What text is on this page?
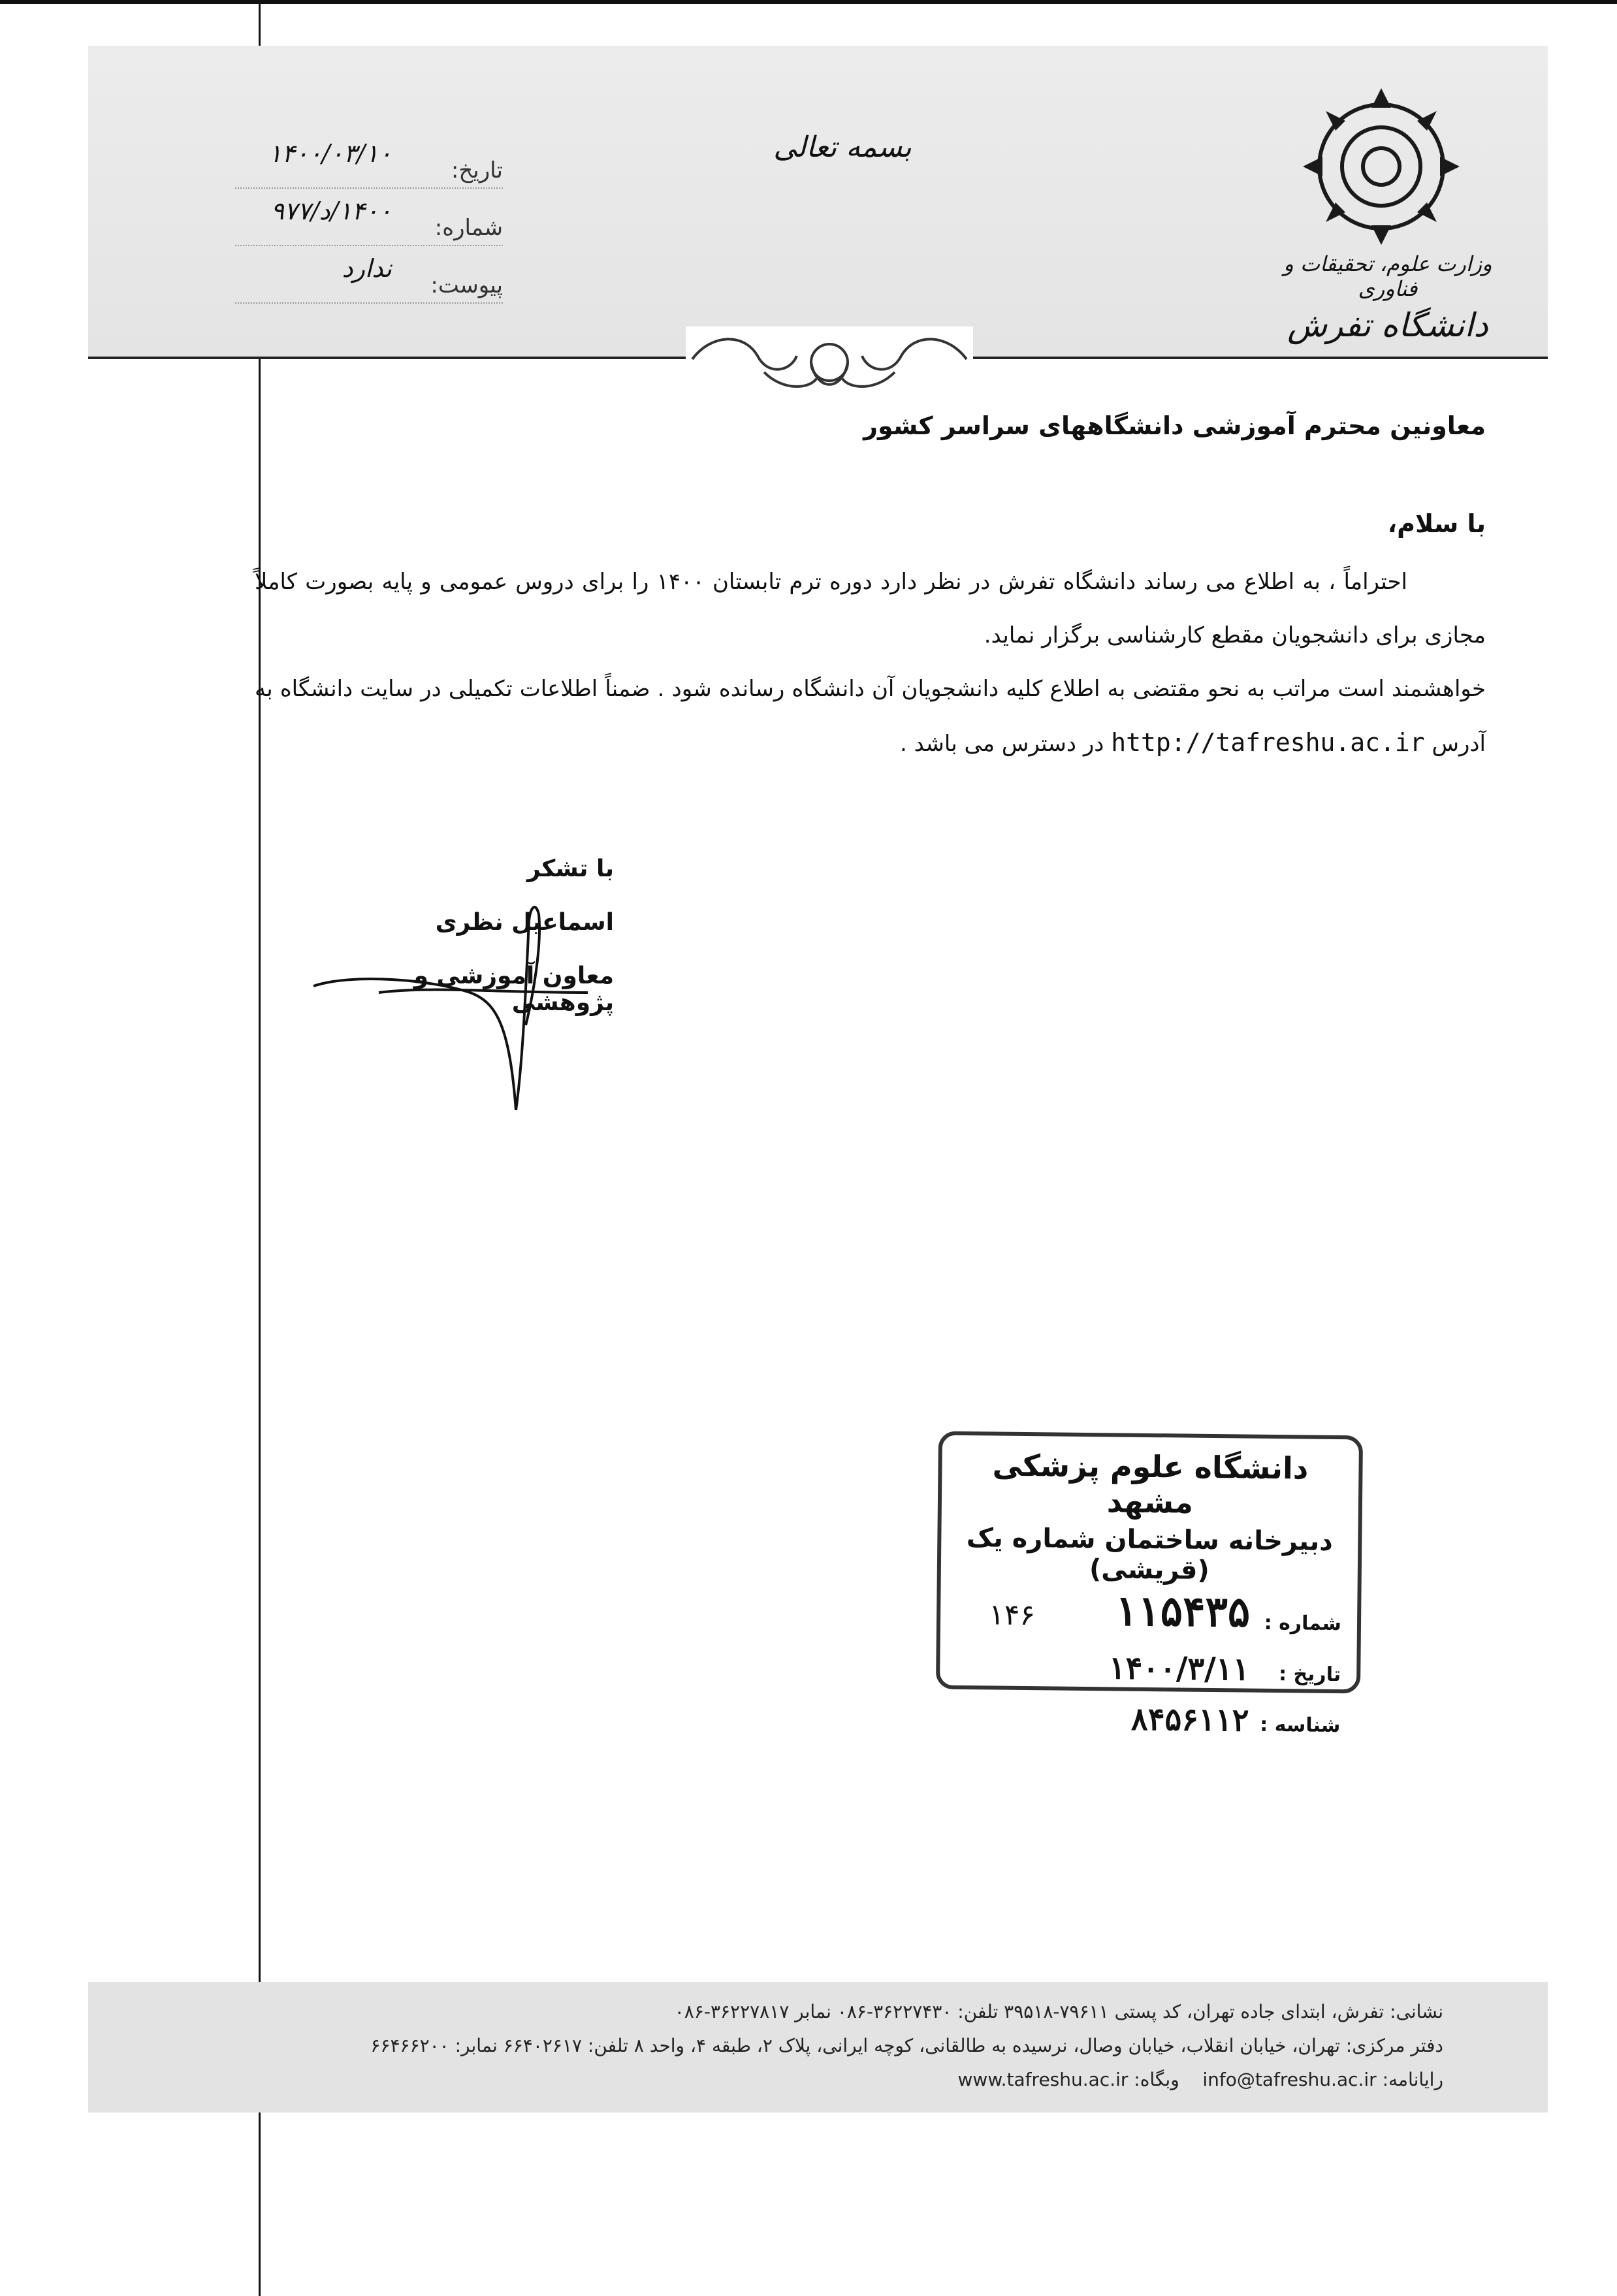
وزارت علوم، تحقیقات و فناوری
دانشگاه تفرش
بسمه تعالی
تاریخ:
۱۴۰۰/۰۳/۱۰
شماره:
۱۴۰۰/د/۹۷۷
پیوست:
ندارد

معاونین محترم آموزشی دانشگاههای سراسر کشور

با سلام،

احتراماً ، به اطلاع می رساند دانشگاه تفرش در نظر دارد دوره ترم تابستان ۱۴۰۰ را برای دروس عمومی و پایه بصورت کاملاً مجازی برای دانشجویان مقطع کارشناسی برگزار نماید.

خواهشمند است مراتب به نحو مقتضی به اطلاع کلیه دانشجویان آن دانشگاه رسانده شود . ضمناً اطلاعات تکمیلی در سایت دانشگاه به آدرس http://tafreshu.ac.ir در دسترس می باشد .

با تشکر
اسماعیل نظری
معاون آموزشی و پژوهشی
دانشگاه علوم پزشکی مشهد
دبیرخانه ساختمان شماره یک (قریشی)
شماره :
۱۱۵۴۳۵
۱۴۶
تاریخ :
۱۴۰۰/۳/۱۱
شناسه :
۸۴۵۶۱۱۲
نشانی: تفرش، ابتدای جاده تهران، کد پستی ۷۹۶۱۱-۳۹۵۱۸ تلفن: ۳۶۲۲۷۴۳۰-۰۸۶ نمابر ۳۶۲۲۷۸۱۷-۰۸۶
دفتر مرکزی: تهران، خیابان انقلاب، خیابان وصال، نرسیده به طالقانی، کوچه ایرانی، پلاک ۲، طبقه ۴، واحد ۸ تلفن: ۶۶۴۰۲۶۱۷ نمابر: ۶۶۴۶۶۲۰۰
رایانامه: info@tafreshu.ac.ir    وبگاه: www.tafreshu.ac.ir
